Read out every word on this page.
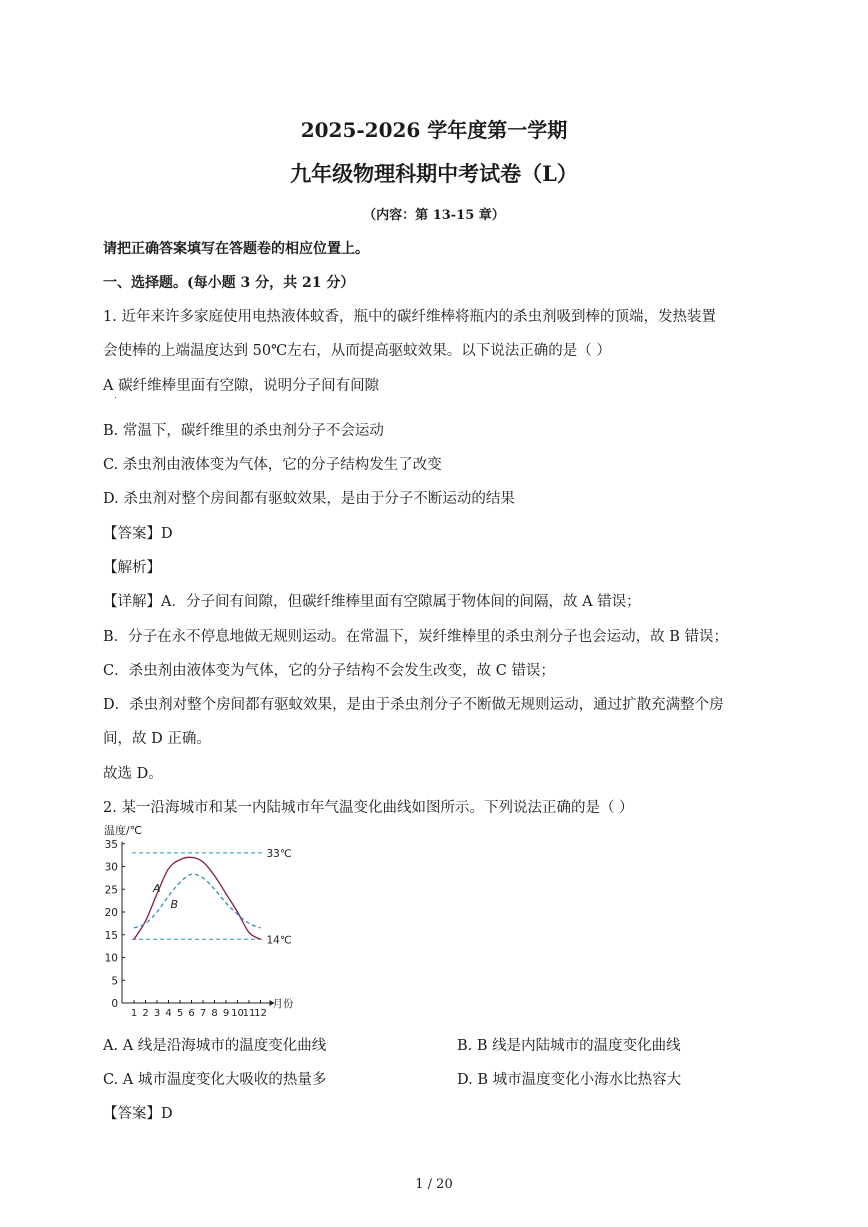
2025-2026 学年度第一学期
九年级物理科期中考试卷（L）
（内容：第 13-15 章）
请把正确答案填写在答题卷的相应位置上。
一、选择题。(每小题 3 分，共 21 分）
1. 近年来许多家庭使用电热液体蚊香，瓶中的碳纤维棒将瓶内的杀虫剂吸到棒的顶端，发热装置
会使棒的上端温度达到 50℃左右，从而提高驱蚊效果。以下说法正确的是（ ）
A 碳纤维棒里面有空隙，说明分子间有间隙
·
B. 常温下，碳纤维里的杀虫剂分子不会运动
C. 杀虫剂由液体变为气体，它的分子结构发生了改变
D. 杀虫剂对整个房间都有驱蚊效果，是由于分子不断运动的结果
【答案】D
【解析】
【详解】A．分子间有间隙，但碳纤维棒里面有空隙属于物体间的间隔，故 A 错误；
B．分子在永不停息地做无规则运动。在常温下，炭纤维棒里的杀虫剂分子也会运动，故 B 错误；
C．杀虫剂由液体变为气体，它的分子结构不会发生改变，故 C 错误；
D．杀虫剂对整个房间都有驱蚊效果，是由于杀虫剂分子不断做无规则运动，通过扩散充满整个房
间，故 D 正确。
故选 D。
2. 某一沿海城市和某一内陆城市年气温变化曲线如图所示。下列说法正确的是（ ）
0
5
10
15
20
25
30
35
1 2 3 4 5 6 7 8 9 10
11
12
温度/℃
月份
33℃
14℃
A
B
A. A 线是沿海城市的温度变化曲线	B. B 线是内陆城市的温度变化曲线
C. A 城市温度变化大吸收的热量多	D. B 城市温度变化小海水比热容大
【答案】D
1 / 20
